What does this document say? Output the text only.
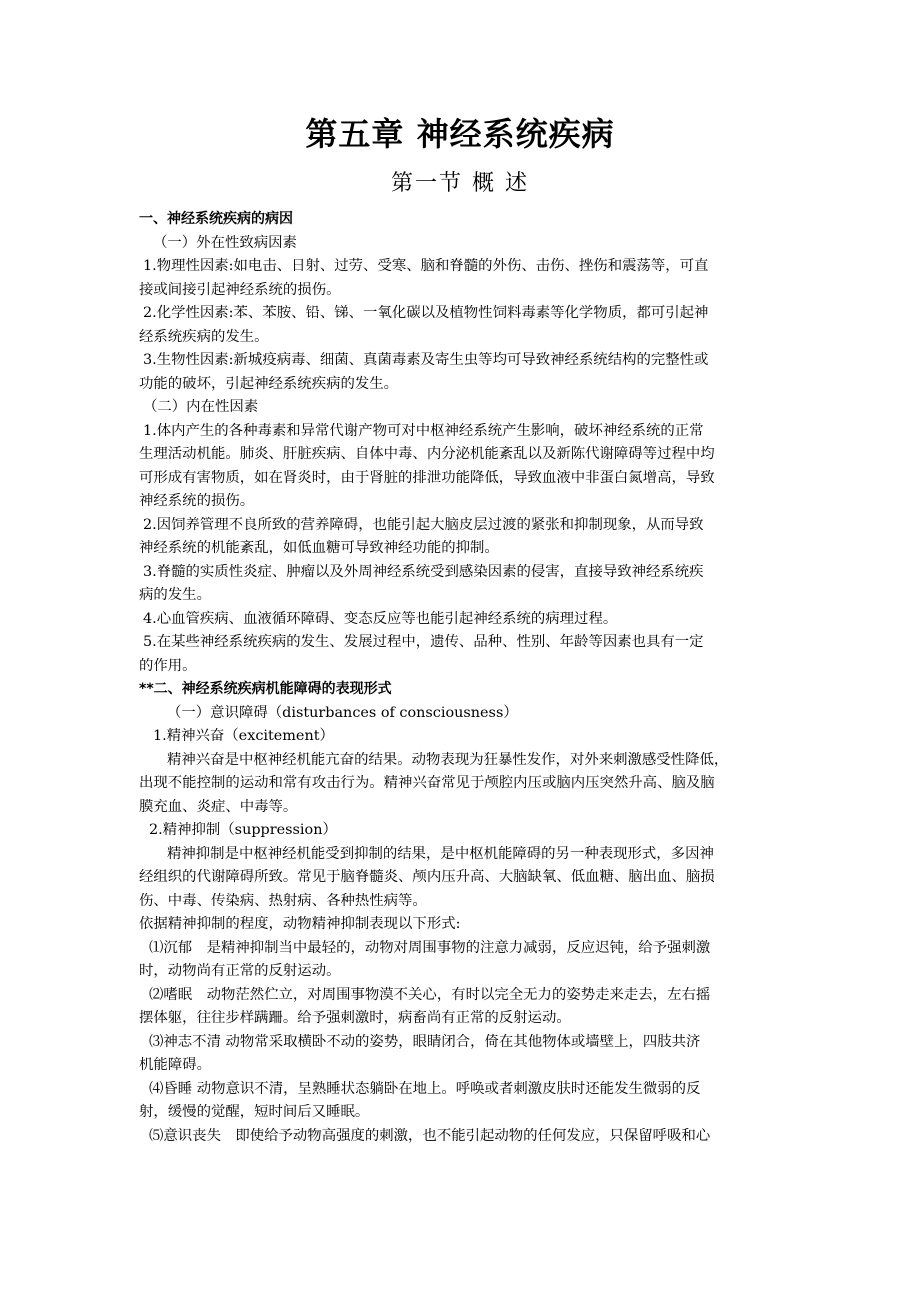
第五章 神经系统疾病
第一节 概 述
一、神经系统疾病的病因
（一）外在性致病因素
1.物理性因素:如电击、日射、过劳、受寒、脑和脊髓的外伤、击伤、挫伤和震荡等，可直
接或间接引起神经系统的损伤。
2.化学性因素:苯、苯胺、铅、锑、一氧化碳以及植物性饲料毒素等化学物质，都可引起神
经系统疾病的发生。
3.生物性因素:新城疫病毒、细菌、真菌毒素及寄生虫等均可导致神经系统结构的完整性或
功能的破坏，引起神经系统疾病的发生。
（二）内在性因素
1.体内产生的各种毒素和异常代谢产物可对中枢神经系统产生影响，破坏神经系统的正常
生理活动机能。肺炎、肝脏疾病、自体中毒、内分泌机能紊乱以及新陈代谢障碍等过程中均
可形成有害物质，如在肾炎时，由于肾脏的排泄功能降低，导致血液中非蛋白氮增高，导致
神经系统的损伤。
2.因饲养管理不良所致的营养障碍，也能引起大脑皮层过渡的紧张和抑制现象，从而导致
神经系统的机能紊乱，如低血糖可导致神经功能的抑制。
3.脊髓的实质性炎症、肿瘤以及外周神经系统受到感染因素的侵害，直接导致神经系统疾
病的发生。
4.心血管疾病、血液循环障碍、变态反应等也能引起神经系统的病理过程。
5.在某些神经系统疾病的发生、发展过程中，遗传、品种、性别、年龄等因素也具有一定
的作用。
**二、神经系统疾病机能障碍的表现形式
（一）意识障碍（disturbances of consciousness）
1.精神兴奋（excitement）
精神兴奋是中枢神经机能亢奋的结果。动物表现为狂暴性发作，对外来刺激感受性降低，
出现不能控制的运动和常有攻击行为。精神兴奋常见于颅腔内压或脑内压突然升高、脑及脑
膜充血、炎症、中毒等。
2.精神抑制（suppression）
精神抑制是中枢神经机能受到抑制的结果，是中枢机能障碍的另一种表现形式，多因神
经组织的代谢障碍所致。常见于脑脊髓炎、颅内压升高、大脑缺氧、低血糖、脑出血、脑损
伤、中毒、传染病、热射病、各种热性病等。
依据精神抑制的程度，动物精神抑制表现以下形式:
⑴沉郁　是精神抑制当中最轻的，动物对周围事物的注意力减弱，反应迟钝，给予强刺激
时，动物尚有正常的反射运动。
⑵嗜眠　动物茫然伫立，对周围事物漠不关心，有时以完全无力的姿势走来走去，左右摇
摆体躯，往往步样蹒跚。给予强刺激时，病畜尚有正常的反射运动。
⑶神志不清 动物常采取横卧不动的姿势，眼睛闭合，倚在其他物体或墙壁上，四肢共济
机能障碍。
⑷昏睡 动物意识不清，呈熟睡状态躺卧在地上。呼唤或者刺激皮肤时还能发生微弱的反
射，缓慢的觉醒，短时间后又睡眠。
⑸意识丧失　即使给予动物高强度的刺激，也不能引起动物的任何发应，只保留呼吸和心
